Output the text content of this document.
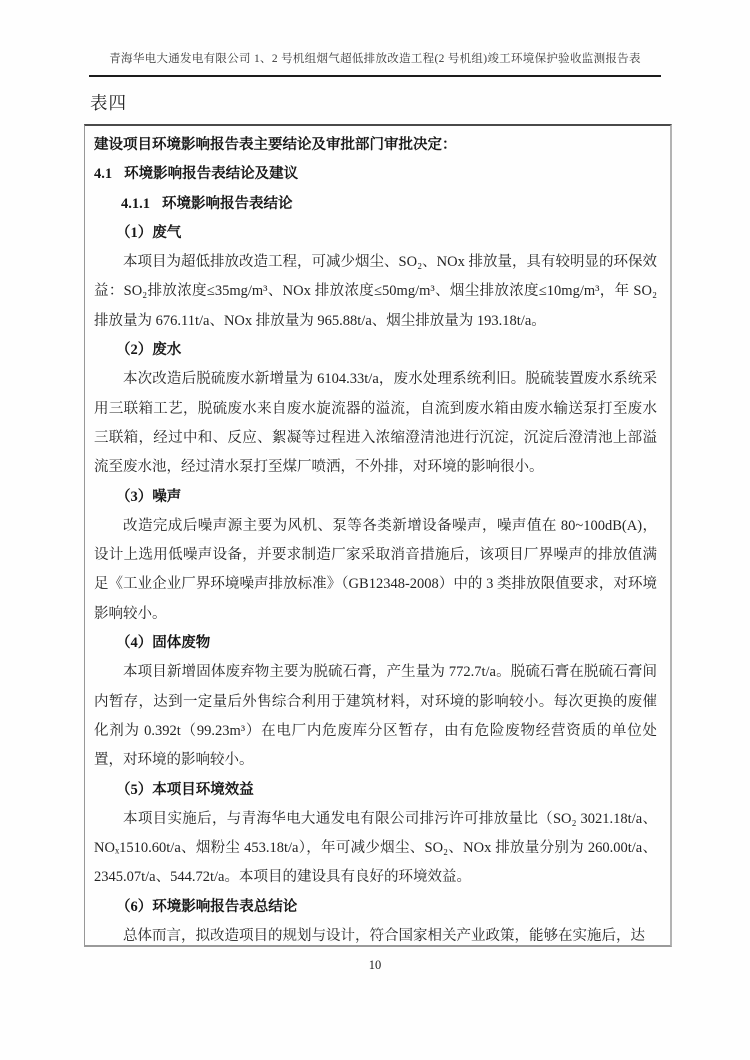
青海华电大通发电有限公司 1、2 号机组烟气超低排放改造工程(2 号机组)竣工环境保护验收监测报告表
表四
建设项目环境影响报告表主要结论及审批部门审批决定：
4.1 环境影响报告表结论及建议
4.1.1 环境影响报告表结论
（1）废气
本项目为超低排放改造工程，可减少烟尘、SO₂、NOx 排放量，具有较明显的环保效益：SO₂排放浓度≤35mg/m³、NOx 排放浓度≤50mg/m³、烟尘排放浓度≤10mg/m³，年 SO₂排放量为 676.11t/a、NOx 排放量为 965.88t/a、烟尘排放量为 193.18t/a。
（2）废水
本次改造后脱硫废水新增量为 6104.33t/a，废水处理系统利旧。脱硫装置废水系统采用三联箱工艺，脱硫废水来自废水旋流器的溢流，自流到废水箱由废水输送泵打至废水三联箱，经过中和、反应、絮凝等过程进入浓缩澄清池进行沉淀，沉淀后澄清池上部溢流至废水池，经过清水泵打至煤厂喷洒，不外排，对环境的影响很小。
（3）噪声
改造完成后噪声源主要为风机、泵等各类新增设备噪声，噪声值在 80~100dB(A)，设计上选用低噪声设备，并要求制造厂家采取消音措施后，该项目厂界噪声的排放值满足《工业企业厂界环境噪声排放标准》（GB12348-2008）中的 3 类排放限值要求，对环境影响较小。
（4）固体废物
本项目新增固体废弃物主要为脱硫石膏，产生量为 772.7t/a。脱硫石膏在脱硫石膏间内暂存，达到一定量后外售综合利用于建筑材料，对环境的影响较小。每次更换的废催化剂为 0.392t（99.23m³）在电厂内危废库分区暂存，由有危险废物经营资质的单位处置，对环境的影响较小。
（5）本项目环境效益
本项目实施后，与青海华电大通发电有限公司排污许可排放量比（SO₂ 3021.18t/a、NOₓ1510.60t/a、烟粉尘 453.18t/a），年可减少烟尘、SO₂、NOx 排放量分别为 260.00t/a、2345.07t/a、544.72t/a。本项目的建设具有良好的环境效益。
（6）环境影响报告表总结论
总体而言，拟改造项目的规划与设计，符合国家相关产业政策，能够在实施后，达
10
